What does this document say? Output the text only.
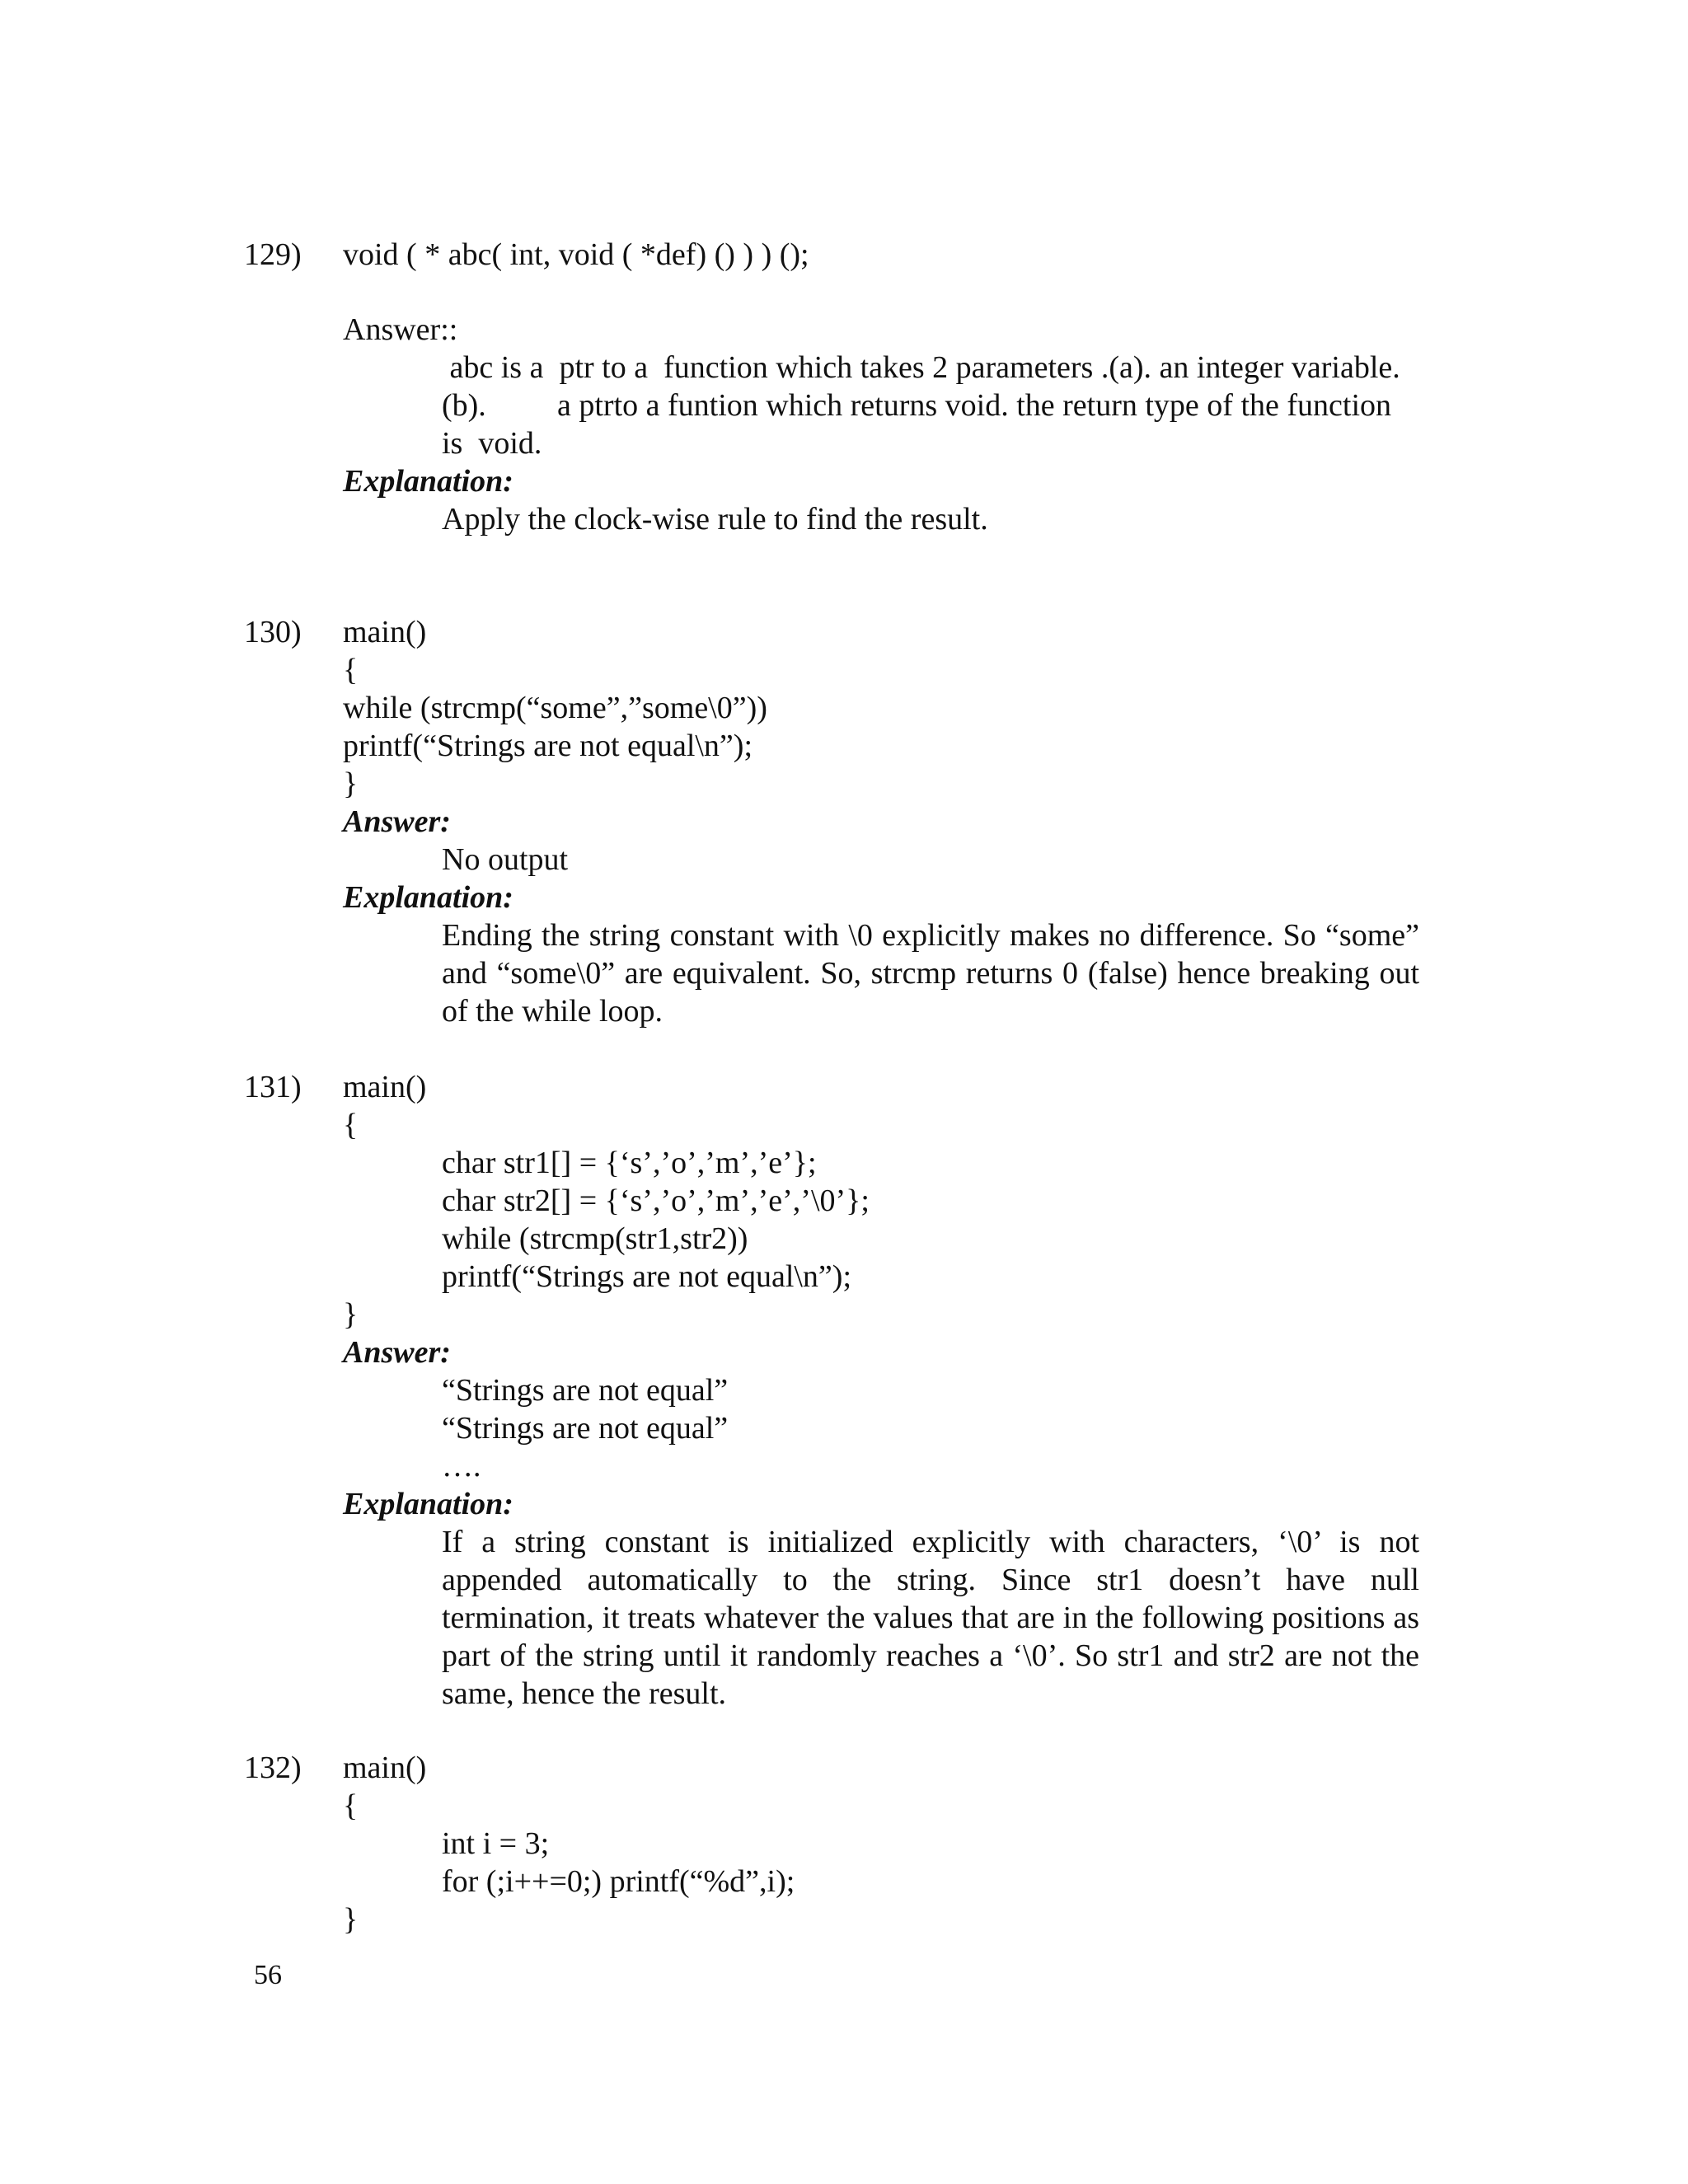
129) void ( * abc( int, void ( *def) () ) ) ();
Answer::
abc is a  ptr to a  function which takes 2 parameters .(a). an integer variable.
(b). a ptrto a funtion which returns void. the return type of the function
is  void.
Explanation:
Apply the clock-wise rule to find the result.
130) main()
{
while (strcmp(“some”,”some\0”))
printf(“Strings are not equal\n”);
}
Answer:
No output
Explanation:
Ending the string constant with \0 explicitly makes no difference. So “some” and “some\0” are equivalent. So, strcmp returns 0 (false) hence breaking out of the while loop.
131) main()
{
char str1[] = {‘s’,’o’,’m’,’e’};
char str2[] = {‘s’,’o’,’m’,’e’,’\0’};
while (strcmp(str1,str2))
printf(“Strings are not equal\n”);
}
Answer:
“Strings are not equal”
“Strings are not equal”
….
Explanation:
If a string constant is initialized explicitly with characters, ‘\0’ is not appended automatically to the string. Since str1 doesn’t have null termination, it treats whatever the values that are in the following positions as part of the string until it randomly reaches a ‘\0’. So str1 and str2 are not the same, hence the result.
132) main()
{
int i = 3;
for (;i++=0;) printf(“%d”,i);
}
56
